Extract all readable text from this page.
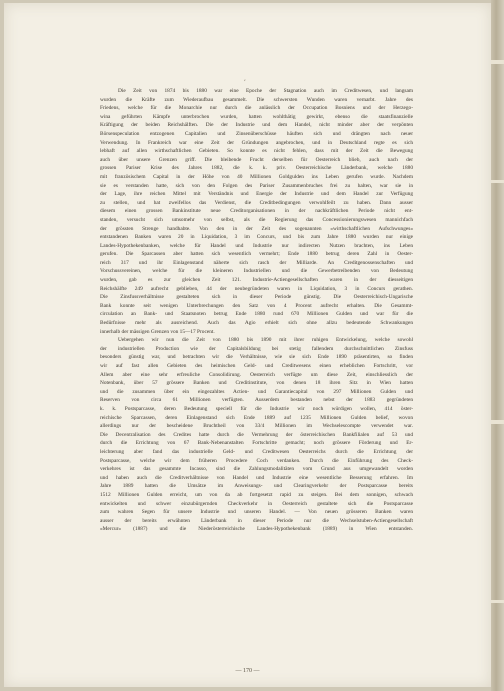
,
Die Zeit von 1874 bis 1880 war eine Epoche der Stagnation auch im Creditwesen, und langsam
wurden die Kräfte zum Wiederaufbau gesammelt. Die schwersten Wunden waren vernarbt. Jahre des
Friedens, welche für die Monarchie nur durch die anlässlich der Occupation Bosniens und der Herzego-
wina geführten Kämpfe unterbrochen wurden, hatten wohlthätig gewirkt, ebenso die staatsfinanzielle
Kräftigung der beiden Reichshälften. Die der Industrie und dem Handel, nicht minder aber der verpönten
Börsenspeculation entzogenen Capitalien und Zinsenüberschüsse häuften sich und drängten nach neuer
Verwendung. In Frankreich war eine Zeit der Gründungen angebrochen, und in Deutschland regte es sich
lebhaft auf allen wirthschaftlichen Gebieten. So konnte es nicht fehlen, dass mit der Zeit die Bewegung
auch über unsere Grenzen griff. Die bleibende Frucht derselben für Oesterreich blieb, auch nach der
grossen Pariser Krise des Jahres 1882, die k. k. priv. Oesterreichische Länderbank, welche 1880
mit französischem Capital in der Höhe von 40 Millionen Goldgulden ins Leben gerufen wurde. Nachdem
sie es verstanden hatte, sich von den Folgen des Pariser Zusammenbruches frei zu halten, war sie in
der Lage, ihre reichen Mittel mit Verständnis und Energie der Industrie und dem Handel zur Verfügung
zu stellen, und hat zweifellos das Verdienst, die Creditbedingungen verwohlfeilt zu haben. Dann ausser
diesem einen grossen Bankinstitute neue Creditorganisationen in der nachkräftlichen Periode nicht ent-
standen, versucht sich umsomehr von selbst, als die Regierung das Concessionierungswesen mannichfach
der grössten Strenge handhabte. Von den in der Zeit des sogenannten «wirthschaftlichen Aufschwunges»
entstandenen Banken waren 20 in Liquidation, 3 im Concurs, und bis zum Jahre 1880 wurden nur einige
Landes-Hypothekenbanken, welche für Handel und Industrie nur indirecten Nutzen brachten, ins Leben
gerufen. Die Sparcassen aber hatten sich wesentlich vermehrt; Ende 1880 betrug deren Zahl in Oester-
reich 317 und ihr Einlagenstand näherte sich rasch der Milliarde. An Creditgenossenschaften und
Vorschussvereinen, welche für die kleineren Industriellen und die Gewerbetreibenden von Bedeutung
wurden, gab es zur gleichen Zeit 121. Industrie-Actiengesellschaften waren in der diesseitigen
Reichshälfte 249 aufrecht geblieben, 44 der neubegründeten waren in Liquidation, 3 in Concurs gerathen.
Die Zinsfussverhältnisse gestalteten sich in dieser Periode günstig. Die Oesterreichisch-Ungarische
Bank konnte seit wenigen Unterbrechungen den Satz von 4 Procent aufrecht erhalten. Die Gesammt-
circulation an Bank- und Staatsnoten betrug Ende 1880 rund 670 Millionen Gulden und war für die
Bedürfnisse mehr als ausreichend. Auch das Agio erhielt sich ohne allzu bedeutende Schwankungen
innerhalb der mässigen Grenzen von 15—17 Procent.
Uebergehen wir nun die Zeit von 1880 bis 1890 mit ihrer ruhigen Entwickelung, welche sowohl
der industriellen Production wie der Capitalsbildung bei stetig fallendem durchschnittlichen Zinsfuss
besonders günstig war, und betrachten wir die Verhältnisse, wie sie sich Ende 1890 präsentirten, so finden
wir auf fast allen Gebieten des heimischen Geld- und Creditwesens einen erheblichen Fortschritt, vor
Allem aber eine sehr erfreuliche Consolidirung. Oesterreich verfügte um diese Zeit, einschliesslich der
Notenbank, über 57 grössere Banken und Creditinstitute, von denen 18 ihren Sitz in Wien hatten
und die zusammen über ein eingezahltes Actien- und Garantiecapital von 297 Millionen Gulden und
Reserven von circa 61 Millionen verfügten. Ausserdem bestanden nebst der 1883 gegründeten
k. k. Postsparcasse, deren Bedeutung speciell für die Industrie wir noch würdigen wollen, 414 öster-
reichische Sparcassen, deren Einlagenstand sich Ende 1889 auf 1235 Millionen Gulden belief, wovon
allerdings nur der bescheidene Bruchtheil von 33/4 Millionen im Wechselescompte verwendet war.
Die Decentralisation des Credites hatte durch die Vermehrung der österreichischen Bankfilialen auf 53 und
durch die Errichtung von 67 Bank-Nebenanstalten Fortschritte gemacht; noch grössere Förderung und Er-
leichterung aber fand das industrielle Geld- und Creditwesen Oesterreichs durch die Errichtung der
Postsparcasse, welche wir dem früheren Procedere Coch verdanken. Durch die Einführung des Check-
verkehres ist das gesammte Incasso, sind die Zahlungsmodalitäten vom Grund aus umgewandelt worden
und haben auch die Creditverhältnisse von Handel und Industrie eine wesentliche Besserung erfahren. Im
Jahre 1889 hatten die Umsätze im Anweisungs- und Clearingverkehr der Postsparcasse bereits
1512 Millionen Gulden erreicht, um von da ab fortgesetzt rapid zu steigen. Bei dem sonnigen, schwach
entwickelten und schwer einzubürgernden Checkverkehr in Oesterreich gestaltete sich die Postsparcasse
zum wahren Segen für unsere Industrie und unseren Handel. — Von neuen grösseren Banken waren
ausser der bereits erwähnten Länderbank in dieser Periode nur die Wechselstuben-Actiengesellschaft
«Mercur» (1887) und die Niederösterreichische Landes-Hypothekenbank (1889) in Wien entstanden.
— 170 —
